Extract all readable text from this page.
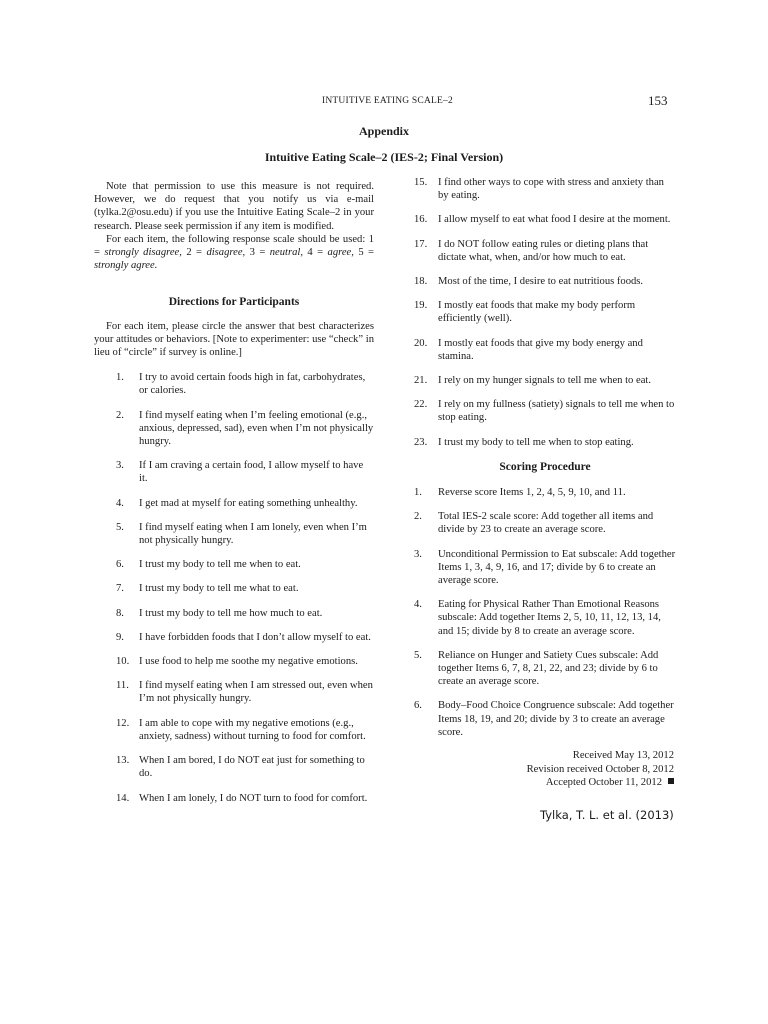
INTUITIVE EATING SCALE–2	153
Appendix
Intuitive Eating Scale–2 (IES-2; Final Version)

Note that permission to use this measure is not required. However, we do request that you notify us via e-mail (tylka.2@osu.edu) if you use the Intuitive Eating Scale–2 in your research. Please seek permission if any item is modified.

For each item, the following response scale should be used: 1 = strongly disagree, 2 = disagree, 3 = neutral, 4 = agree, 5 = strongly agree.

Directions for Participants

For each item, please circle the answer that best characterizes your attitudes or behaviors. [Note to experimenter: use “check” in lieu of “circle” if survey is online.]

1. I try to avoid certain foods high in fat, carbohydrates, or calories.
2. I find myself eating when I’m feeling emotional (e.g., anxious, depressed, sad), even when I’m not physically hungry.
3. If I am craving a certain food, I allow myself to have it.
4. I get mad at myself for eating something unhealthy.
5. I find myself eating when I am lonely, even when I’m not physically hungry.
6. I trust my body to tell me when to eat.
7. I trust my body to tell me what to eat.
8. I trust my body to tell me how much to eat.
9. I have forbidden foods that I don’t allow myself to eat.
10. I use food to help me soothe my negative emotions.
11. I find myself eating when I am stressed out, even when I’m not physically hungry.
12. I am able to cope with my negative emotions (e.g., anxiety, sadness) without turning to food for comfort.
13. When I am bored, I do NOT eat just for something to do.
14. When I am lonely, I do NOT turn to food for comfort.
15. I find other ways to cope with stress and anxiety than by eating.
16. I allow myself to eat what food I desire at the moment.
17. I do NOT follow eating rules or dieting plans that dictate what, when, and/or how much to eat.
18. Most of the time, I desire to eat nutritious foods.
19. I mostly eat foods that make my body perform efficiently (well).
20. I mostly eat foods that give my body energy and stamina.
21. I rely on my hunger signals to tell me when to eat.
22. I rely on my fullness (satiety) signals to tell me when to stop eating.
23. I trust my body to tell me when to stop eating.
Scoring Procedure
1. Reverse score Items 1, 2, 4, 5, 9, 10, and 11.
2. Total IES-2 scale score: Add together all items and divide by 23 to create an average score.
3. Unconditional Permission to Eat subscale: Add together Items 1, 3, 4, 9, 16, and 17; divide by 6 to create an average score.
4. Eating for Physical Rather Than Emotional Reasons subscale: Add together Items 2, 5, 10, 11, 12, 13, 14, and 15; divide by 8 to create an average score.
5. Reliance on Hunger and Satiety Cues subscale: Add together Items 6, 7, 8, 21, 22, and 23; divide by 6 to create an average score.
6. Body–Food Choice Congruence subscale: Add together Items 18, 19, and 20; divide by 3 to create an average score.
Received May 13, 2012
Revision received October 8, 2012
Accepted October 11, 2012
Tylka, T. L. et al. (2013)
